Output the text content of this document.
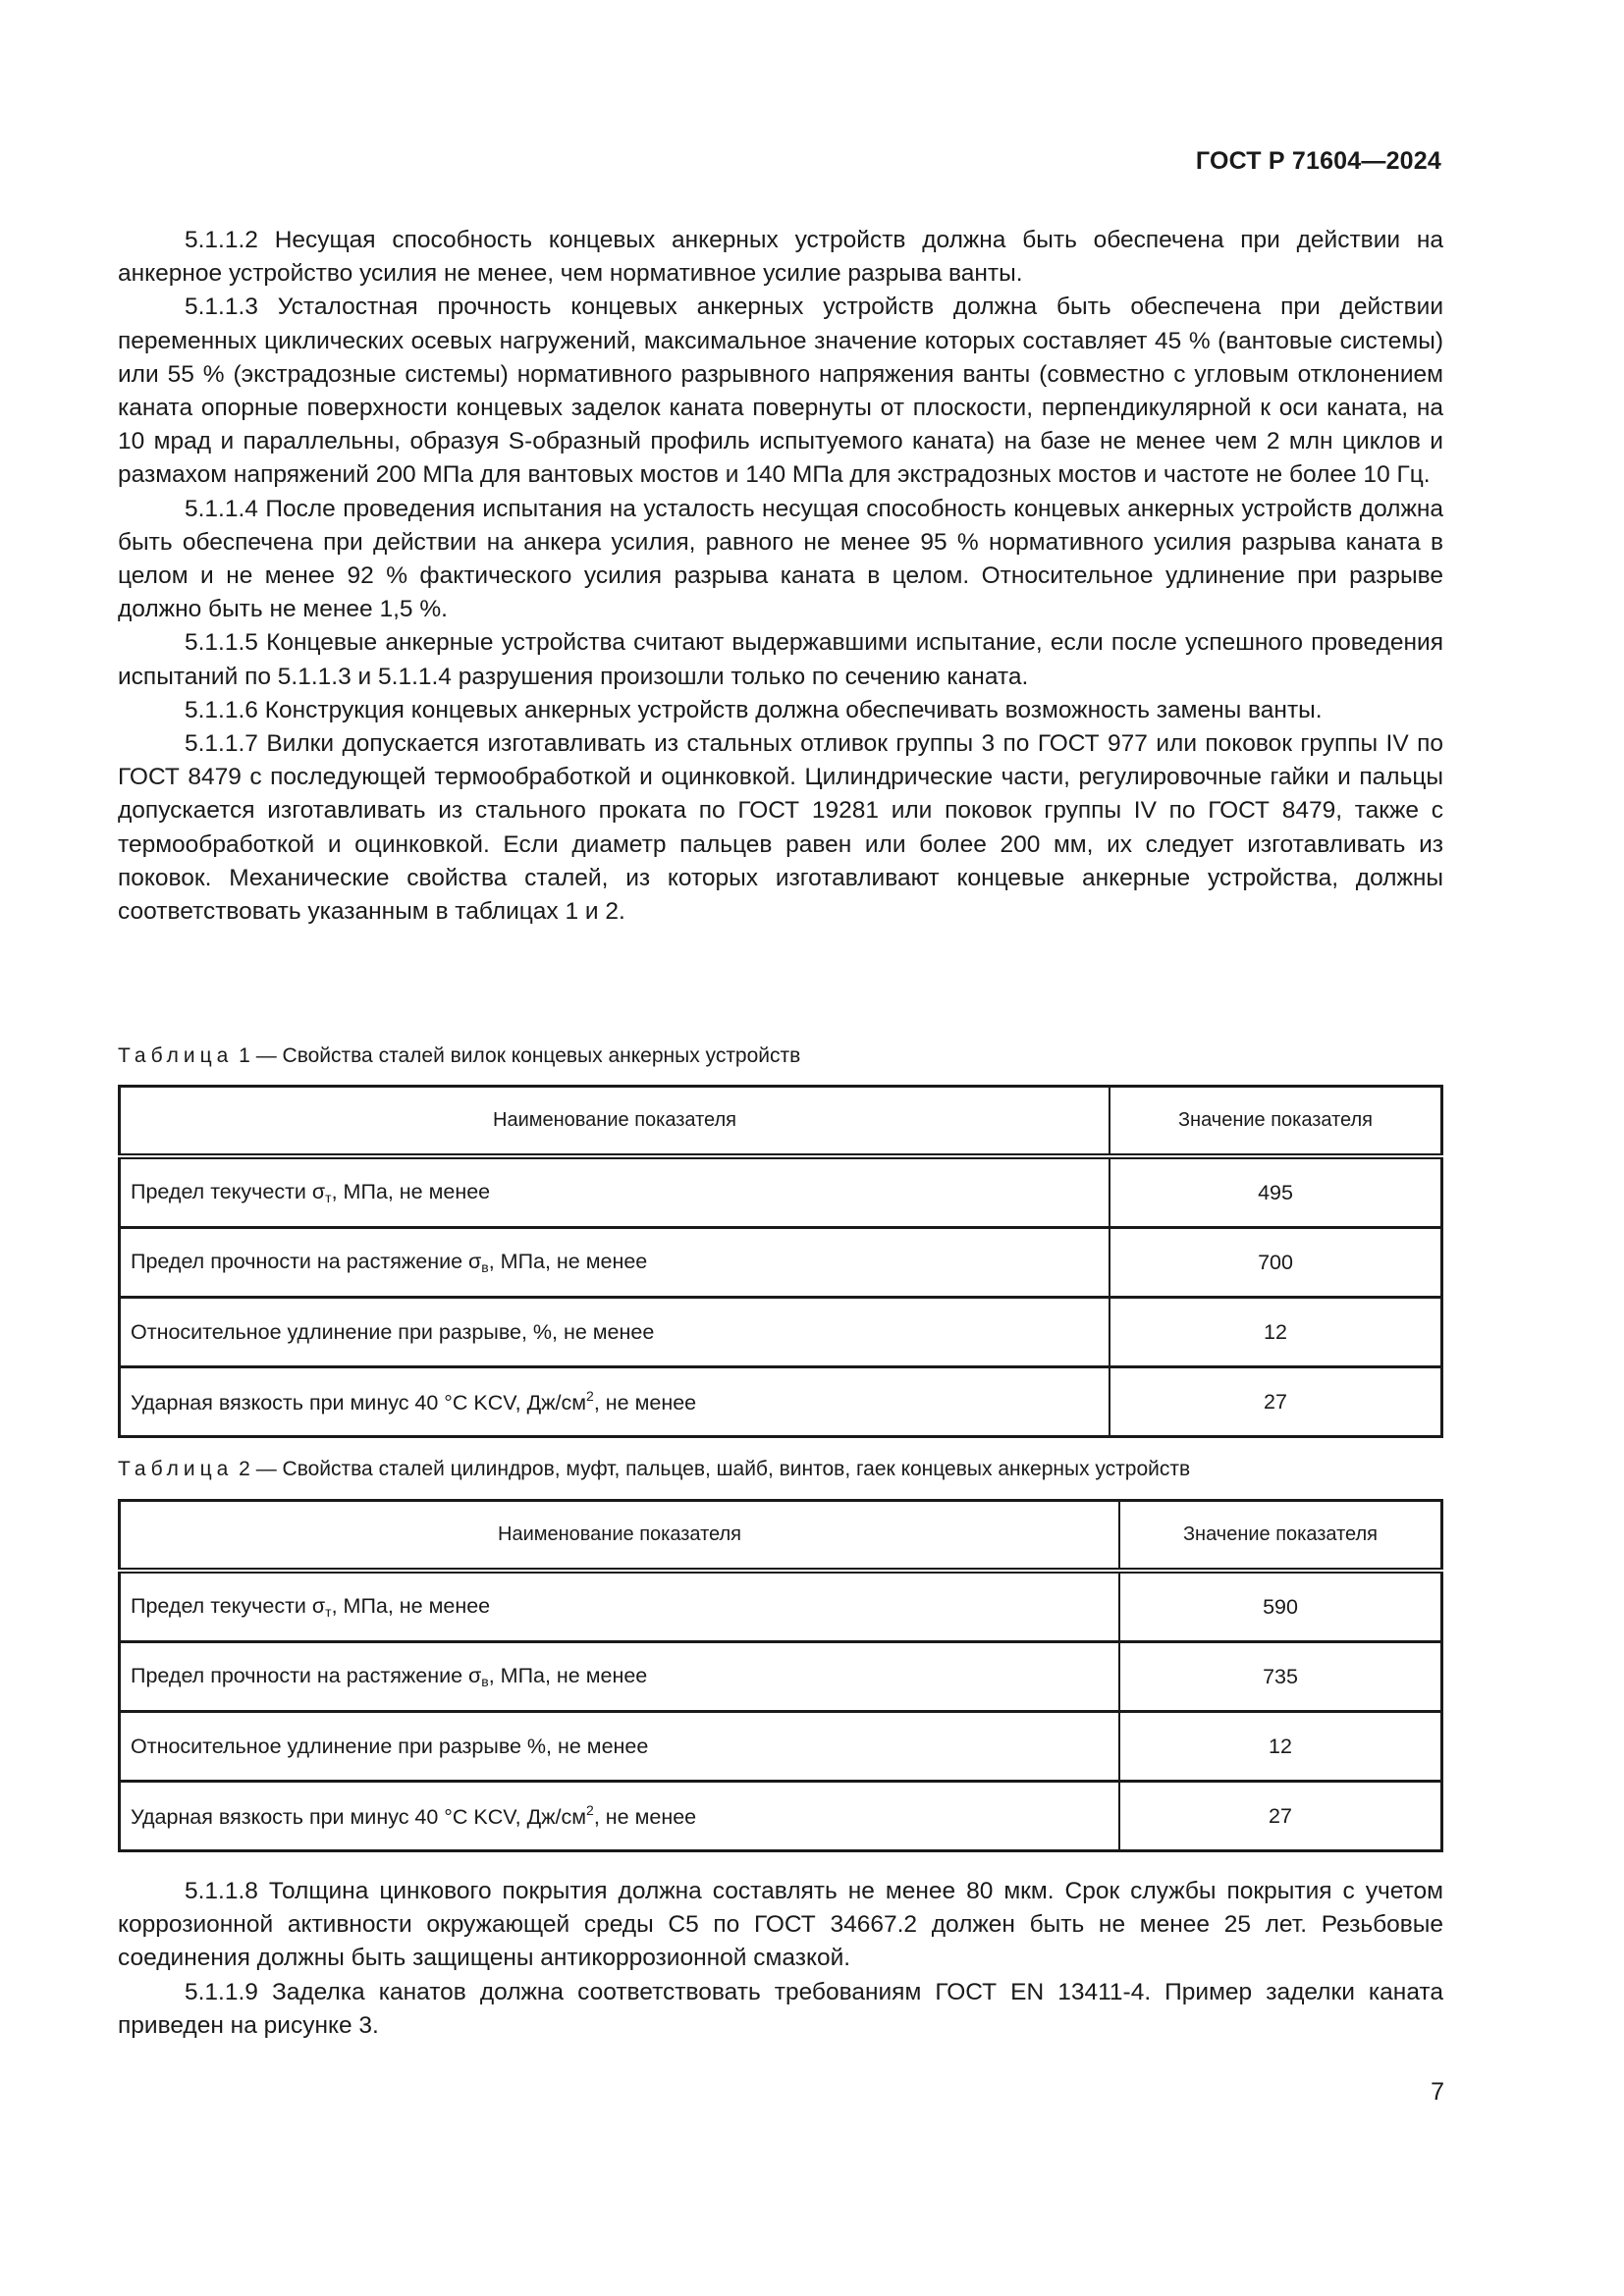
ГОСТ Р 71604—2024

5.1.1.2 Несущая способность концевых анкерных устройств должна быть обеспечена при действии на анкерное устройство усилия не менее, чем нормативное усилие разрыва ванты.

5.1.1.3 Усталостная прочность концевых анкерных устройств должна быть обеспечена при действии переменных циклических осевых нагружений, максимальное значение которых составляет 45 % (вантовые системы) или 55 % (экстрадозные системы) нормативного разрывного напряжения ванты (совместно с угловым отклонением каната опорные поверхности концевых заделок каната повернуты от плоскости, перпендикулярной к оси каната, на 10 мрад и параллельны, образуя S-образный профиль испытуемого каната) на базе не менее чем 2 млн циклов и размахом напряжений 200 МПа для вантовых мостов и 140 МПа для экстрадозных мостов и частоте не более 10 Гц.

5.1.1.4 После проведения испытания на усталость несущая способность концевых анкерных устройств должна быть обеспечена при действии на анкера усилия, равного не менее 95 % нормативного усилия разрыва каната в целом и не менее 92 % фактического усилия разрыва каната в целом. Относительное удлинение при разрыве должно быть не менее 1,5 %.

5.1.1.5 Концевые анкерные устройства считают выдержавшими испытание, если после успешного проведения испытаний по 5.1.1.3 и 5.1.1.4 разрушения произошли только по сечению каната.

5.1.1.6 Конструкция концевых анкерных устройств должна обеспечивать возможность замены ванты.

5.1.1.7 Вилки допускается изготавливать из стальных отливок группы 3 по ГОСТ 977 или поковок группы IV по ГОСТ 8479 с последующей термообработкой и оцинковкой. Цилиндрические части, регулировочные гайки и пальцы допускается изготавливать из стального проката по ГОСТ 19281 или поковок группы IV по ГОСТ 8479, также с термообработкой и оцинковкой. Если диаметр пальцев равен или более 200 мм, их следует изготавливать из поковок. Механические свойства сталей, из которых изготавливают концевые анкерные устройства, должны соответствовать указанным в таблицах 1 и 2.

Таблица 1 — Свойства сталей вилок концевых анкерных устройств
Наименование показателя	Значение показателя
Предел текучести $\sigma_т$, МПа, не менее	495
Предел прочности на растяжение $\sigma_в$, МПа, не менее	700
Относительное удлинение при разрыве, %, не менее	12
Ударная вязкость при минус 40 °С KCV, $Дж/см^2$, не менее	27
Таблица 2 — Свойства сталей цилиндров, муфт, пальцев, шайб, винтов, гаек концевых анкерных устройств
Наименование показателя	Значение показателя
Предел текучести $\sigma_т$, МПа, не менее	590
Предел прочности на растяжение $\sigma_в$, МПа, не менее	735
Относительное удлинение при разрыве %, не менее	12
Ударная вязкость при минус 40 °С KCV, $Дж/см^2$, не менее	27

5.1.1.8 Толщина цинкового покрытия должна составлять не менее 80 мкм. Срок службы покрытия с учетом коррозионной активности окружающей среды С5 по ГОСТ 34667.2 должен быть не менее 25 лет. Резьбовые соединения должны быть защищены антикоррозионной смазкой.

5.1.1.9 Заделка канатов должна соответствовать требованиям ГОСТ EN 13411-4. Пример заделки каната приведен на рисунке 3.

7
